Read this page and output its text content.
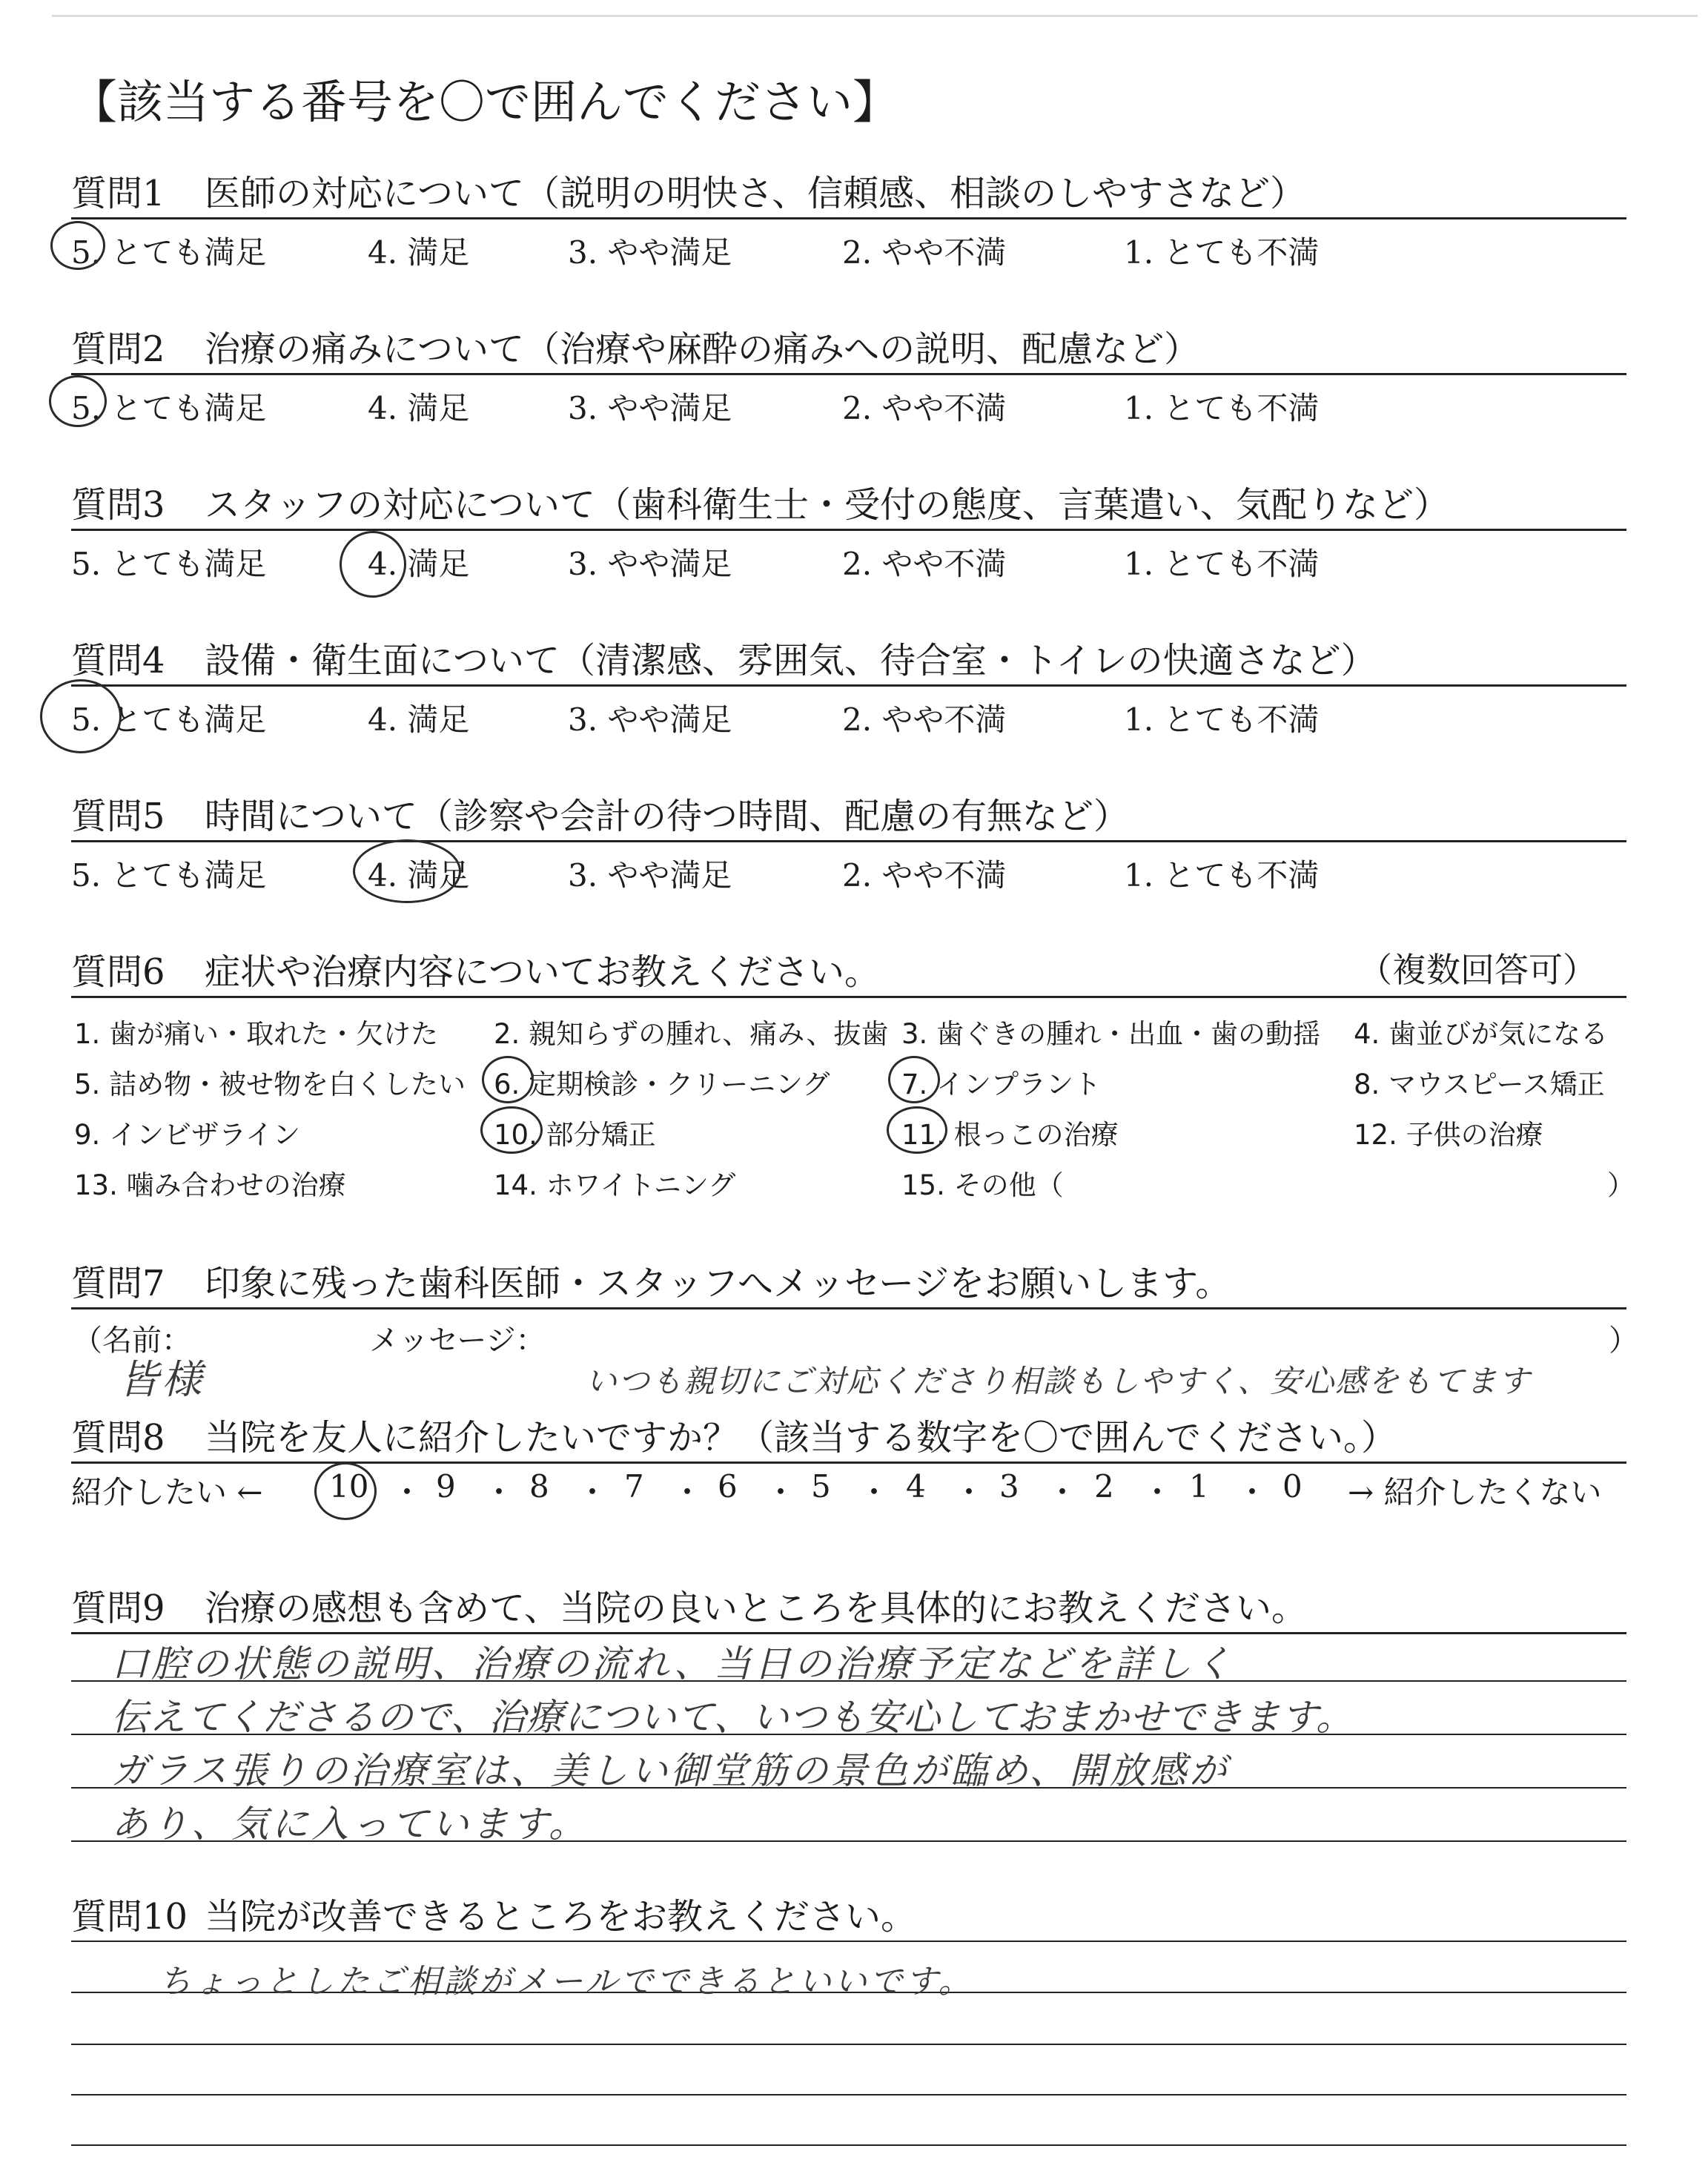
【該当する番号を〇で囲んでください】
質問1 医師の対応について（説明の明快さ、信頼感、相談のしやすさなど）
5. とても満足	4. 満足	3. やや満足	2. やや不満	1. とても不満
質問2 治療の痛みについて（治療や麻酔の痛みへの説明、配慮など）
5. とても満足	4. 満足	3. やや満足	2. やや不満	1. とても不満
質問3 スタッフの対応について（歯科衛生士・受付の態度、言葉遣い、気配りなど）
5. とても満足	4. 満足	3. やや満足	2. やや不満	1. とても不満
質問4 設備・衛生面について（清潔感、雰囲気、待合室・トイレの快適さなど）
5. とても満足	4. 満足	3. やや満足	2. やや不満	1. とても不満
質問5 時間について（診察や会計の待つ時間、配慮の有無など）
5. とても満足	4. 満足	3. やや満足	2. やや不満	1. とても不満
質問6 症状や治療内容についてお教えください。	（複数回答可）
1. 歯が痛い・取れた・欠けた 2. 親知らずの腫れ、痛み、抜歯 3. 歯ぐきの腫れ・出血・歯の動揺 4. 歯並びが気になる
5. 詰め物・被せ物を白くしたい 6. 定期検診・クリーニング	7. インプラント	8. マウスピース矯正
9. インビザライン	10. 部分矯正	11. 根っこの治療	12. 子供の治療
13. 噛み合わせの治療	14. ホワイトニング	15. その他（	）
質問7 印象に残った歯科医師・スタッフへメッセージをお願いします。
（名前：	メッセージ：	）
皆様	いつも親切にご対応くださり相談もしやすく、安心感をもてます
質問8 当院を友人に紹介したいですか？（該当する数字を〇で囲んでください。）
紹介したい ←	→ 紹介したくない
10 ・ 9 ・ 8 ・ 7 ・ 6 ・ 5 ・ 4 ・ 3 ・ 2 ・ 1 ・ 0
質問9 治療の感想も含めて、当院の良いところを具体的にお教えください。
口腔の状態の説明、治療の流れ、当日の治療予定などを詳しく
伝えてくださるので、治療について、いつも安心しておまかせできます。
ガラス張りの治療室は、美しい御堂筋の景色が臨め、開放感が
あり、気に入っています。
質問10 当院が改善できるところをお教えください。
ちょっとしたご相談がメールでできるといいです。
